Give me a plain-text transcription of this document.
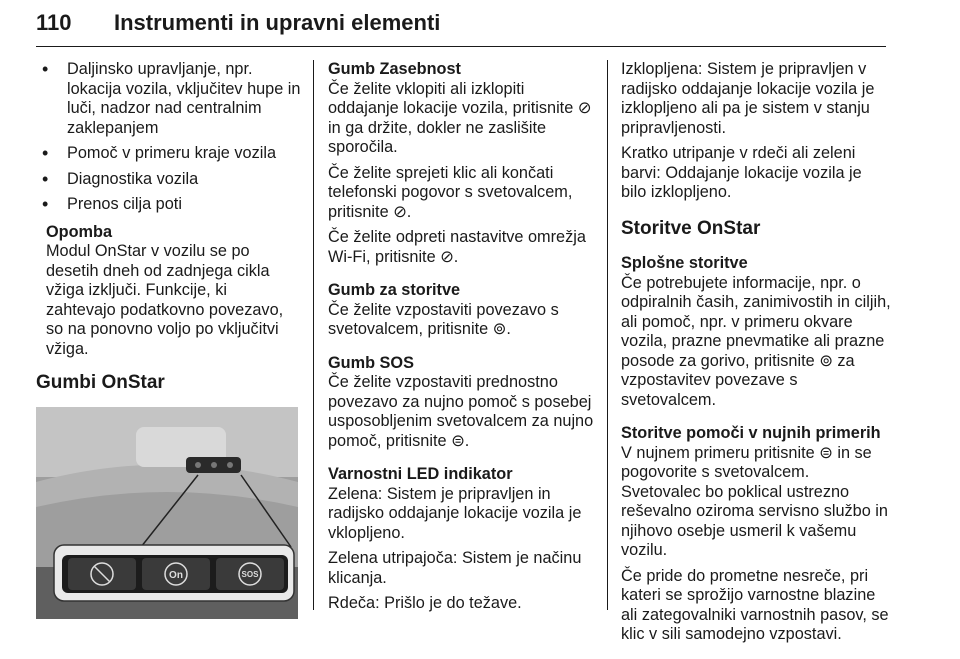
110 Instrumenti in upravni elementi
• Daljinsko upravljanje, npr. lokacija vozila, vključitev hupe in luči, nadzor nad centralnim zaklepanjem
• Pomoč v primeru kraje vozila
• Diagnostika vozila
• Prenos cilja poti
Opomba
Modul OnStar v vozilu se po desetih dneh od zadnjega cikla vžiga izključi. Funkcije, ki zahtevajo podatkovno povezavo, so na ponovno voljo po vključitvi vžiga.
Gumbi OnStar
On	SOS
Gumb Zasebnost

Če želite vklopiti ali izklopiti oddajanje lokacije vozila, pritisnite ⊘ in ga držite, dokler ne zaslišite sporočila.

Če želite sprejeti klic ali končati telefonski pogovor s svetovalcem, pritisnite ⊘.

Če želite odpreti nastavitve omrežja Wi-Fi, pritisnite ⊘.

Gumb za storitve

Če želite vzpostaviti povezavo s svetovalcem, pritisnite ⊚.

Gumb SOS

Če želite vzpostaviti prednostno povezavo za nujno pomoč s posebej usposobljenim svetovalcem za nujno pomoč, pritisnite ⊜.

Varnostni LED indikator

Zelena: Sistem je pripravljen in radijsko oddajanje lokacije vozila je vklopljeno.

Zelena utripajoča: Sistem je načinu klicanja.

Rdeča: Prišlo je do težave.

Izklopljena: Sistem je pripravljen v radijsko oddajanje lokacije vozila je izklopljeno ali pa je sistem v stanju pripravljenosti.

Kratko utripanje v rdeči ali zeleni barvi: Oddajanje lokacije vozila je bilo izklopljeno.

Storitve OnStar
Splošne storitve

Če potrebujete informacije, npr. o odpiralnih časih, zanimivostih in ciljih, ali pomoč, npr. v primeru okvare vozila, prazne pnevmatike ali prazne posode za gorivo, pritisnite ⊚ za vzpostavitev povezave s svetovalcem.

Storitve pomoči v nujnih primerih

V nujnem primeru pritisnite ⊜ in se pogovorite s svetovalcem. Svetovalec bo poklical ustrezno reševalno oziroma servisno službo in njihovo osebje usmeril k vašemu vozilu.

Če pride do prometne nesreče, pri kateri se sprožijo varnostne blazine ali zategovalniki varnostnih pasov, se klic v sili samodejno vzpostavi.
